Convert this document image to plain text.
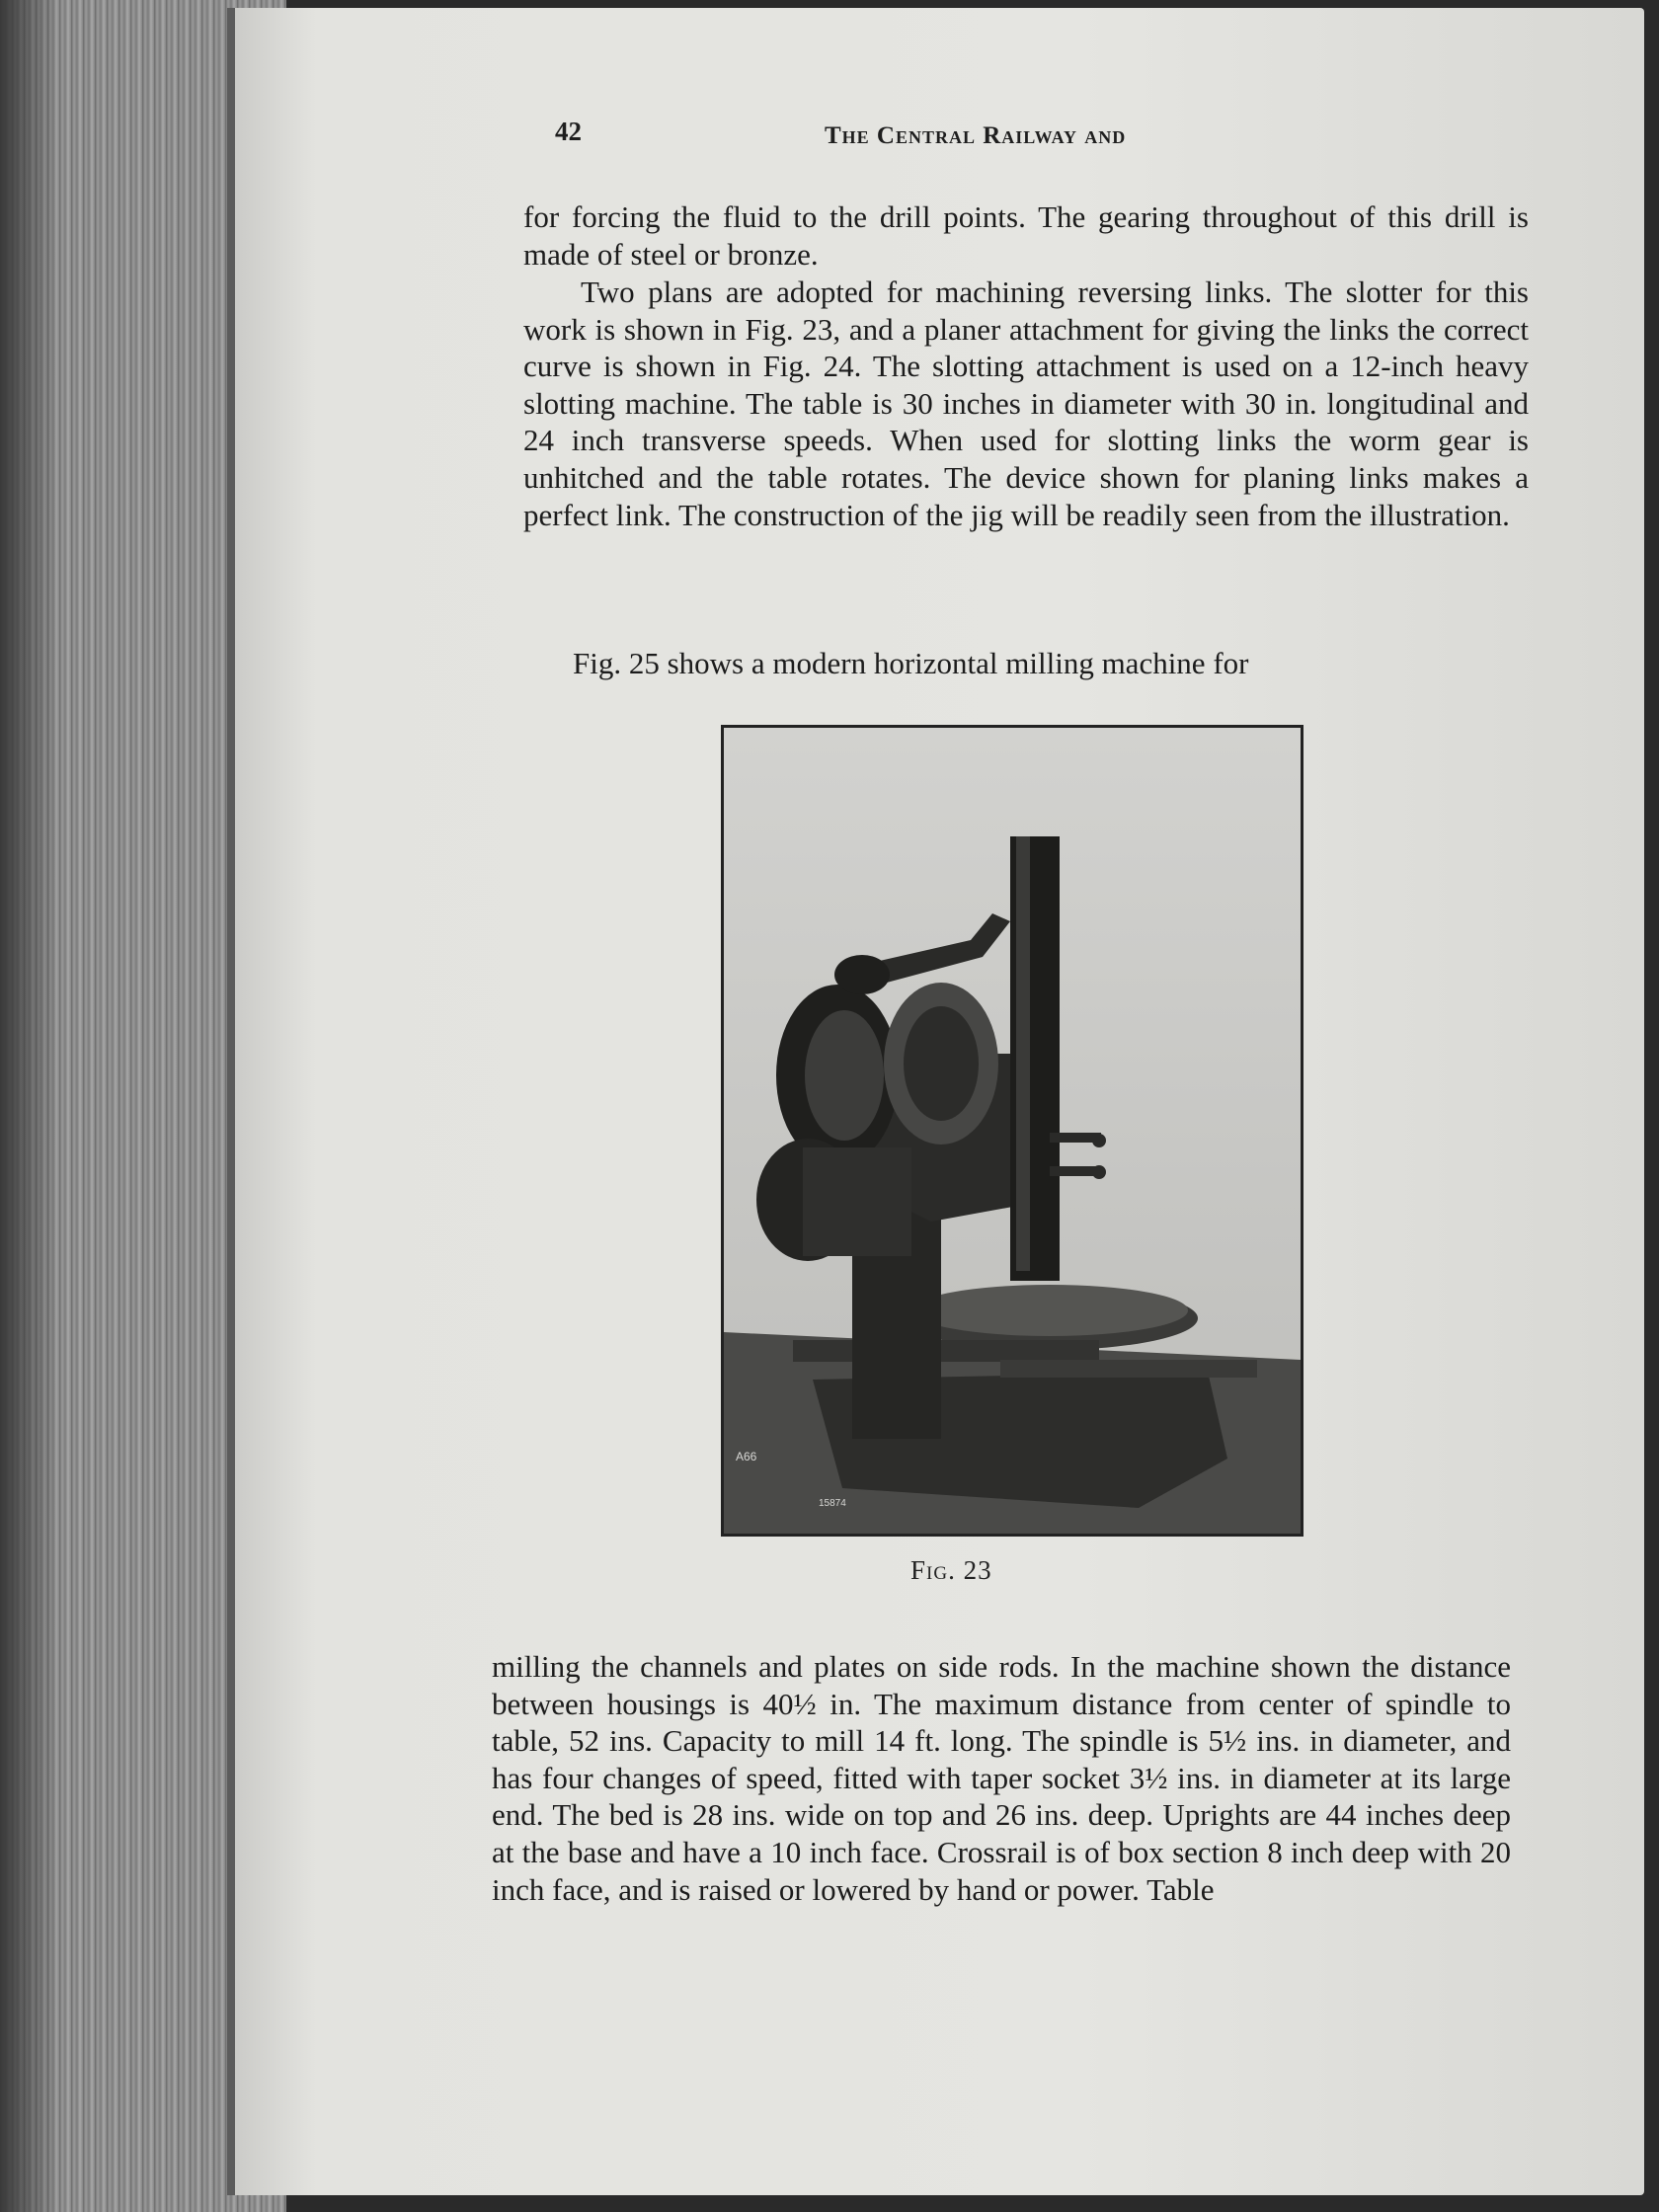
42	The Central Railway and

for forcing the fluid to the drill points. The gearing throughout of this drill is made of steel or bronze.

Two plans are adopted for machining reversing links. The slotter for this work is shown in Fig. 23, and a planer attachment for giving the links the correct curve is shown in Fig. 24. The slotting attachment is used on a 12-inch heavy slotting machine. The table is 30 inches in diameter with 30 in. longitudinal and 24 inch transverse speeds. When used for slotting links the worm gear is unhitched and the table rotates. The device shown for planing links makes a perfect link. The construction of the jig will be readily seen from the illustration.

Fig. 25 shows a modern horizontal milling machine for

A66
15874
Fig. 23

milling the channels and plates on side rods. In the machine shown the distance between housings is 40½ in. The maximum distance from center of spindle to table, 52 ins. Capacity to mill 14 ft. long. The spindle is 5½ ins. in diameter, and has four changes of speed, fitted with taper socket 3½ ins. in diameter at its large end. The bed is 28 ins. wide on top and 26 ins. deep. Uprights are 44 inches deep at the base and have a 10 inch face. Crossrail is of box section 8 inch deep with 20 inch face, and is raised or lowered by hand or power. Table
